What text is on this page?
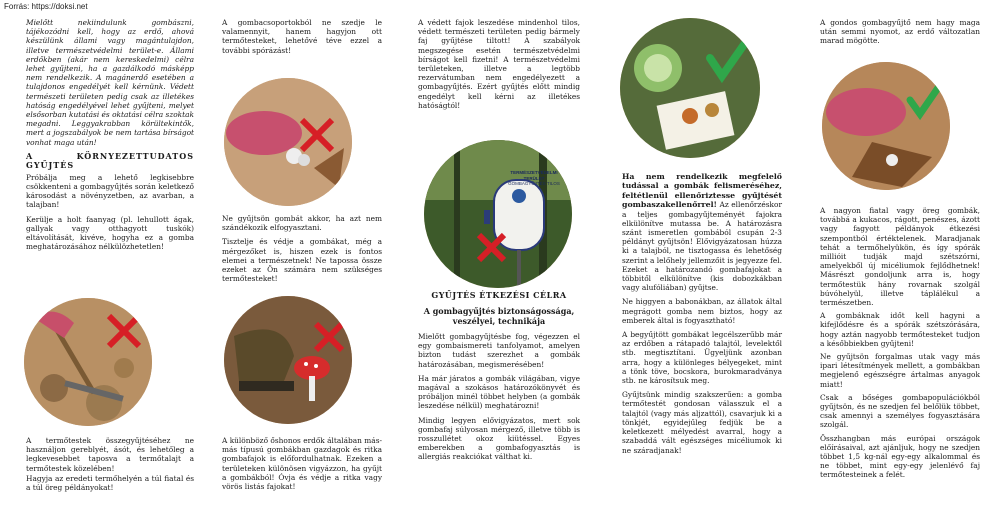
Forrás: https://doksi.net

Mielőtt nekiindulunk gombászni, tájékozódni kell, hogy az erdő, ahová készülünk állami vagy magántulajdon, illetve természetvédelmi terület-e. Állami erdőkben (akár nem kereskedelmi) célra lehet gyűjteni, ha a gazdálkodó másképp nem rendelkezik. A magánerdő esetében a tulajdonos engedélyét kell kérnünk. Védett természeti területen pedig csak az illetékes hatóság engedélyével lehet gyűjteni, melyet elsősorban kutatási és oktatási célra szoktak megadni. Leggyakrabban körültekintők, mert a jogszabályok be nem tartása bírságot vonhat maga után!

A KÖRNYEZETTUDATOS GYŰJTÉS

Próbálja meg a lehető legkisebbre csökkenteni a gombagyűjtés során keletkező károsodást a növényzetben, az avarban, a talajban!

Kerülje a holt faanyag (pl. lehullott ágak, gallyak vagy otthagyott tuskók) eltávolítását, kivéve, hogyha ez a gomba meghatározásához nélkülözhetetlen!

A termőtestek összegyűjtéséhez ne használjon gereblyét, ásót, és lehetőleg a legkevesebbet taposva a termőtalajt a termőtestek közelében!

Hagyja az eredeti termőhelyén a túl fiatal és a túl öreg példányokat!

A gombacsoportokból ne szedje le valamennyit, hanem hagyjon ott termőtesteket, lehetővé téve ezzel a további spórázást!

Ne gyűjtsön gombát akkor, ha azt nem szándékozik elfogyasztani.

Tisztelje és védje a gombákat, még a mérgezőket is, hiszen ezek is fontos elemei a természetnek! Ne tapossa össze ezeket az Ön számára nem szükséges termőtesteket!

A különböző őshonos erdők általában más-más típusú gombákban gazdagok és ritka gombafajok is előfordulhatnak. Ezeken a területeken különösen vigyázzon, ha gyűjt a gombákból! Óvja és védje a ritka vagy vörös listás fajokat!

A védett fajok leszedése mindenhol tilos, védett természeti területen pedig bármely faj gyűjtése tiltott! A szabályok megszegése esetén természetvédelmi bírságot kell fizetni! A természetvédelmi területeken, illetve a legtöbb rezervátumban nem engedélyezett a gombagyűjtés. Ezért gyűjtés előtt mindig engedélyt kell kérni az illetékes hatóságtól!

TERMÉSZETVÉDELMI
TERÜLET
GOMBAGYŰJTÉS TILOS
GYŰJTÉS ÉTKEZÉSI CÉLRA
A gombagyűjtés biztonságossága, veszélyei, technikája

Mielőtt gombagyűjtésbe fog, végezzen el egy gombaismereti tanfolyamot, amelyen bizton tudást szerezhet a gombák határozásában, megismerésében!

Ha már járatos a gombák világában, vigye magával a szokásos határozókönyvét és próbáljon minél többet helyben (a gombák leszedése nélkül) meghatározni!

Mindig legyen elővigyázatos, mert sok gombafaj súlyosan mérgező, illetve több is rosszullétet okoz kiütéssel. Egyes emberekben a gombafogyasztás is allergiás reakciókat válthat ki.

Ha nem rendelkezik megfelelő tudással a gombák felismeréséhez, feltétlenül ellenőriztesse gyűjtését gombaszakellenőrrel! Az ellenőrzéskor a teljes gombagyűjteményét fajokra elkülönítve mutassa be. A határozásra szánt ismeretlen gombából csupán 2-3 példányt gyűjtsön! Elővigyázatosan húzza ki a talajból, ne tisztogassa és lehetőség szerint a lelőhely jellemzőit is jegyezze fel. Ezeket a határozandó gombafajokat a többitől elkülönítve (kis dobozkákban vagy alufóliában) gyűjtse.

Ne higgyen a babonákban, az állatok által megrágott gomba nem biztos, hogy az emberek által is fogyasztható!

A begyűjtött gombákat legcélszerűbb már az erdőben a rátapadó talajtól, levelektől stb. megtisztítani. Ügyeljünk azonban arra, hogy a különleges bélyegeket, mint a tönk töve, bocskora, burokmaradványa stb. ne károsítsuk meg.

Gyűjtsünk mindig szakszerűen: a gomba termőtestét gondosan válasszuk el a talajtól (vagy más aljzattól), csavarjuk ki a tönkjét, egyidejűleg fedjük be a keletkezett mélyedést avarral, hogy a szabaddá vált egészséges micéliumok ki ne száradjanak!

A gondos gombagyűjtő nem hagy maga után semmi nyomot, az erdő változatlan marad mögötte.

A nagyon fiatal vagy öreg gombák, továbbá a kukacos, rágott, penészes, ázott vagy fagyott példányok étkezési szempontból értéktelenek. Maradjanak tehát a termőhelyükön, és így spórák millióit tudják majd szétszórni, amelyekből új micéliumok fejlődhetnek! Másrészt gondoljunk arra is, hogy termőtestük hány rovarnak szolgál búvóhelyül, illetve táplálékul a természetben.

A gombáknak időt kell hagyni a kifejlődésre és a spórák szétszórására, hogy aztán nagyobb termőtesteket tudjon a későbbiekben gyűjteni!

Ne gyűjtsön forgalmas utak vagy más ipari létesítmények mellett, a gombákban megjelenő egészségre ártalmas anyagok miatt!

Csak a bőséges gombapopulációkból gyűjtsön, és ne szedjen fel belőlük többet, csak amennyi a személyes fogyasztására szolgál.

Összhangban más európai országok előírásaival, azt ajánljuk, hogy ne szedjen többet 1,5 kg-nál egy-egy alkalommal és ne többet, mint egy-egy jelenlévő faj termőtesteinek a felét.
